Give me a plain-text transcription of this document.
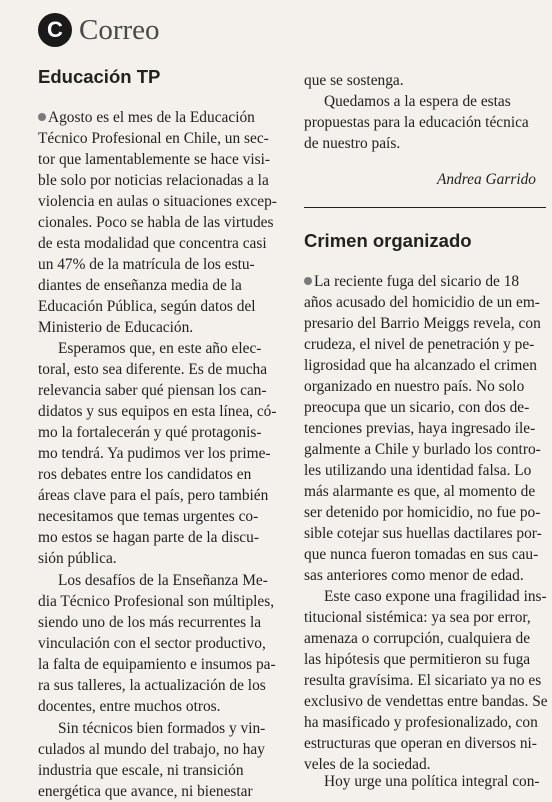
C Correo
Educación TP
Agosto es el mes de la Educación
Técnico Profesional en Chile, un sec-
tor que lamentablemente se hace visi-
ble solo por noticias relacionadas a la
violencia en aulas o situaciones excep-
cionales. Poco se habla de las virtudes
de esta modalidad que concentra casi
un 47% de la matrícula de los estu-
diantes de enseñanza media de la
Educación Pública, según datos del
Ministerio de Educación.
Esperamos que, en este año elec-
toral, esto sea diferente. Es de mucha
relevancia saber qué piensan los can-
didatos y sus equipos en esta línea, có-
mo la fortalecerán y qué protagonis-
mo tendrá. Ya pudimos ver los prime-
ros debates entre los candidatos en
áreas clave para el país, pero también
necesitamos que temas urgentes co-
mo estos se hagan parte de la discu-
sión pública.
Los desafíos de la Enseñanza Me-
dia Técnico Profesional son múltiples,
siendo uno de los más recurrentes la
vinculación con el sector productivo,
la falta de equipamiento e insumos pa-
ra sus talleres, la actualización de los
docentes, entre muchos otros.
Sin técnicos bien formados y vin-
culados al mundo del trabajo, no hay
industria que escale, ni transición
energética que avance, ni bienestar
que se sostenga.
Quedamos a la espera de estas
propuestas para la educación técnica
de nuestro país.
Andrea Garrido
Crimen organizado
La reciente fuga del sicario de 18
años acusado del homicidio de un em-
presario del Barrio Meiggs revela, con
crudeza, el nivel de penetración y pe-
ligrosidad que ha alcanzado el crimen
organizado en nuestro país. No solo
preocupa que un sicario, con dos de-
tenciones previas, haya ingresado ile-
galmente a Chile y burlado los contro-
les utilizando una identidad falsa. Lo
más alarmante es que, al momento de
ser detenido por homicidio, no fue po-
sible cotejar sus huellas dactilares por-
que nunca fueron tomadas en sus cau-
sas anteriores como menor de edad.
Este caso expone una fragilidad ins-
titucional sistémica: ya sea por error,
amenaza o corrupción, cualquiera de
las hipótesis que permitieron su fuga
resulta gravísima. El sicariato ya no es
exclusivo de vendettas entre bandas. Se
ha masificado y profesionalizado, con
estructuras que operan en diversos ni-
veles de la sociedad.
Hoy urge una política integral con-
